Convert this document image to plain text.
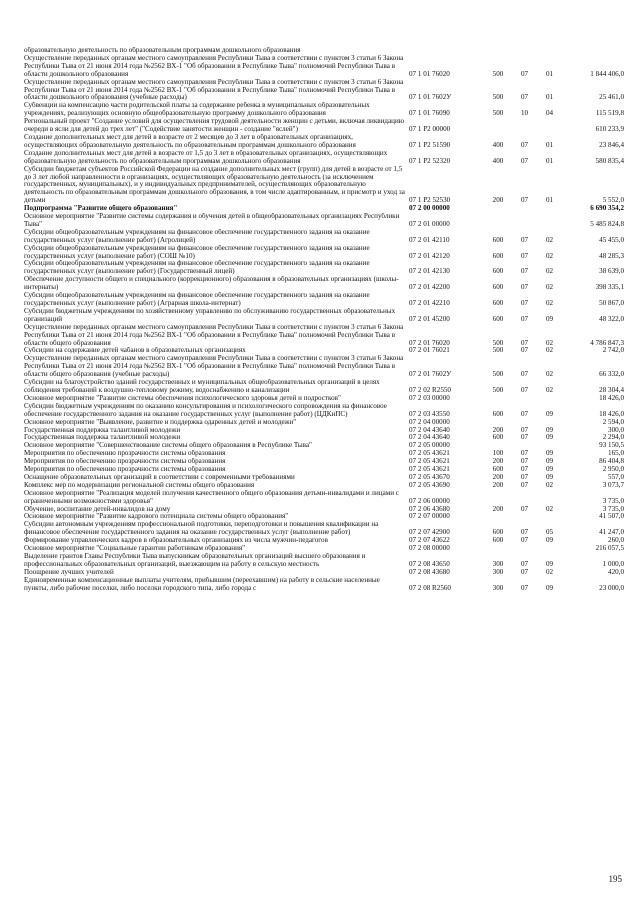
образовательную деятельность по образовательным программам дошкольного образования					
Осуществление переданных органам местного самоуправления Республики Тыва в соответствии с пунктом 3 статьи 6 Закона Республики Тыва от 21 июня 2014 года №2562 ВХ-1 "Об образовании в Республике Тыва" полномочий Республики Тыва в области дошкольного образования	07 1 01 76020	500	07	01	1 844 406,0
Осуществление переданных органам местного самоуправления Республики Тыва в соответствии с пунктом 3 статьи 6 Закона Республики Тыва от 21 июня 2014 года №2562 ВХ-1 "Об образовании в Республике Тыва" полномочий Республики Тыва в области дошкольного образования (учебные расходы)	07 1 01 7602У	500	07	01	25 461,0
Субвенции на компенсацию части родительской платы за содержание ребенка в муниципальных образовательных учреждениях, реализующих основную общеобразовательную программу дошкольного образования	07 1 01 76090	500	10	04	115 519,8
Региональный проект "Создание условий для осуществления трудовой деятельности женщин с детьми, включая ликвидацию очереди в ясли для детей до трех лет" ("Содействие занятости женщин - создание "яслей")	07 1 P2 00000				610 233,9
Создание дополнительных мест для детей в возрасте от 2 месяцев до 3 лет в образовательных организациях, осуществляющих образовательную деятельность по образовательным программам дошкольного образования	07 1 P2 51590	400	07	01	23 846,4
Создание дополнительных мест для детей в возрасте от 1,5 до 3 лет в образовательных организациях, осуществляющих образовательную деятельность по образовательным программам дошкольного образования	07 1 P2 52320	400	07	01	580 835,4
Субсидии бюджетам субъектов Российской Федерации на создание дополнительных мест (групп) для детей в возрасте от 1,5 до 3 лет любой направленности в организациях, осуществляющих образовательную деятельность (за исключением государственных, муниципальных), и у индивидуальных предпринимателей, осуществляющих образовательную деятельность по образовательным программам дошкольного образования, в том числе адаптированным, и присмотр и уход за детьми	07 1 P2 52530	200	07	01	5 552,0
Подпрограмма "Развитие общего образования"	07 2 00 00000				6 690 354,2
Основное мероприятие "Развитие системы содержания и обучения детей в общеобразовательных организациях Республики Тыва"	07 2 01 00000				5 485 824,8
Субсидии общеобразовательным учреждениям на финансовое обеспечение государственного задания на оказание государственных услуг (выполнение работ) (Агролицей)	07 2 01 42110	600	07	02	45 455,0
Субсидии общеобразовательным учреждениям на финансовое обеспечение государственного задания на оказание государственных услуг (выполнение работ) (СОШ №10)	07 2 01 42120	600	07	02	48 285,3
Субсидии общеобразовательным учреждениям на финансовое обеспечение государственного задания на оказание государственных услуг (выполнение работ) (Государственный лицей)	07 2 01 42130	600	07	02	38 639,0
Обеспечение доступности общего и специального (коррекционного) образования в образовательных организациях (школы-интернаты)	07 2 01 42200	600	07	02	398 335,1
Субсидии общеобразовательным учреждениям на финансовое обеспечение государственного задания на оказание государственных услуг (выполнение работ) (Аграрная школа-интернат)	07 2 01 42210	600	07	02	50 867,0
Субсидии бюджетным учреждениям по хозяйственному управлению по обслуживанию государственных образовательных организаций	07 2 01 45200	600	07	09	48 322,0
Осуществление переданных органам местного самоуправления Республики Тыва в соответствии с пунктом 3 статьи 6 Закона Республики Тыва от 21 июня 2014 года №2562 ВХ-1 "Об образовании в Республике Тыва" полномочий Республики Тыва в области общего образования	07 2 01 76020	500	07	02	4 786 847,3
Субсидии на содержание детей чабанов в образовательных организациях	07 2 01 76021	500	07	02	2 742,0
Осуществление переданных органам местного самоуправления Республики Тыва в соответствии с пунктом 3 статьи 6 Закона Республики Тыва от 21 июня 2014 года №2562 ВХ-1 "Об образовании в Республике Тыва" полномочий Республики Тыва в области общего образования (учебные расходы)	07 2 01 7602У	500	07	02	66 332,0
Субсидии на благоустройство зданий государственных и муниципальных общеобразовательных организаций в целях соблюдения требований к воздушно-тепловому режиму, водоснабжению и канализации	07 2 02 R2550	500	07	02	28 304,4
Основное мероприятие "Развитие системы обеспечения психологического здоровья детей и подростков"	07 2 03 00000				18 426,0
Субсидии бюджетным учреждениям по оказанию консультирования и психологического сопровождения на финансовое обеспечение государственного задания на оказание государственных услуг (выполнение работ) (ЦДКиПС)	07 2 03 43550	600	07	09	18 426,0
Основное мероприятие "Выявление, развитие и поддержка одаренных детей и молодежи"	07 2 04 00000				2 594,0
Государственная поддержка талантливой молодежи	07 2 04 43640	200	07	09	300,0
Государственная поддержка талантливой молодежи	07 2 04 43640	600	07	09	2 294,0
Основное мероприятие "Совершенствование системы общего образования в Республике Тыва"	07 2 05 00000				93 150,5
Мероприятия по обеспечению прозрачности системы образования	07 2 05 43621	100	07	09	165,0
Мероприятия по обеспечению прозрачности системы образования	07 2 05 43621	200	07	09	86 404,8
Мероприятия по обеспечению прозрачности системы образования	07 2 05 43621	600	07	09	2 950,0
Оснащение образовательных организаций в соответствии с современными требованиями	07 2 05 43670	200	07	09	557,0
Комплекс мер по модернизации региональной системы общего образования	07 2 05 43690	200	07	02	3 073,7
Основное мероприятие "Реализация моделей получения качественного общего образования детьми-инвалидами и лицами с ограниченными возможностями здоровья"	07 2 06 00000				3 735,0
Обучение, воспитание детей-инвалидов на дому	07 2 06 43680	200	07	02	3 735,0
Основное мероприятие "Развитие кадрового потенциала системы общего образования"	07 2 07 00000				41 507,0
Субсидии автономным учреждениям профессиональной подготовки, переподготовки и повышения квалификации на финансовое обеспечение государственного задания на оказание государственных услуг (выполнение работ)	07 2 07 42900	600	07	05	41 247,0
Формирование управленческих кадров в образовательных организациях из числа мужчин-педагогов	07 2 07 43622	600	07	09	260,0
Основное мероприятие "Социальные гарантии работникам образования"	07 2 08 00000				216 057,5
Выделение грантов Главы Республики Тыва выпускникам образовательных организаций высшего образования и профессиональных образовательных организаций, выезжающим на работу в сельскую местность	07 2 08 43650	300	07	09	1 000,0
Поощрение лучших учителей	07 2 08 43680	300	07	02	420,0
Единовременные компенсационные выплаты учителям, прибывшим (переехавшим) на работу в сельские населенные пункты, либо рабочие поселки, либо поселки городского типа, либо города с	07 2 08 R2560	300	07	09	23 000,0
195
